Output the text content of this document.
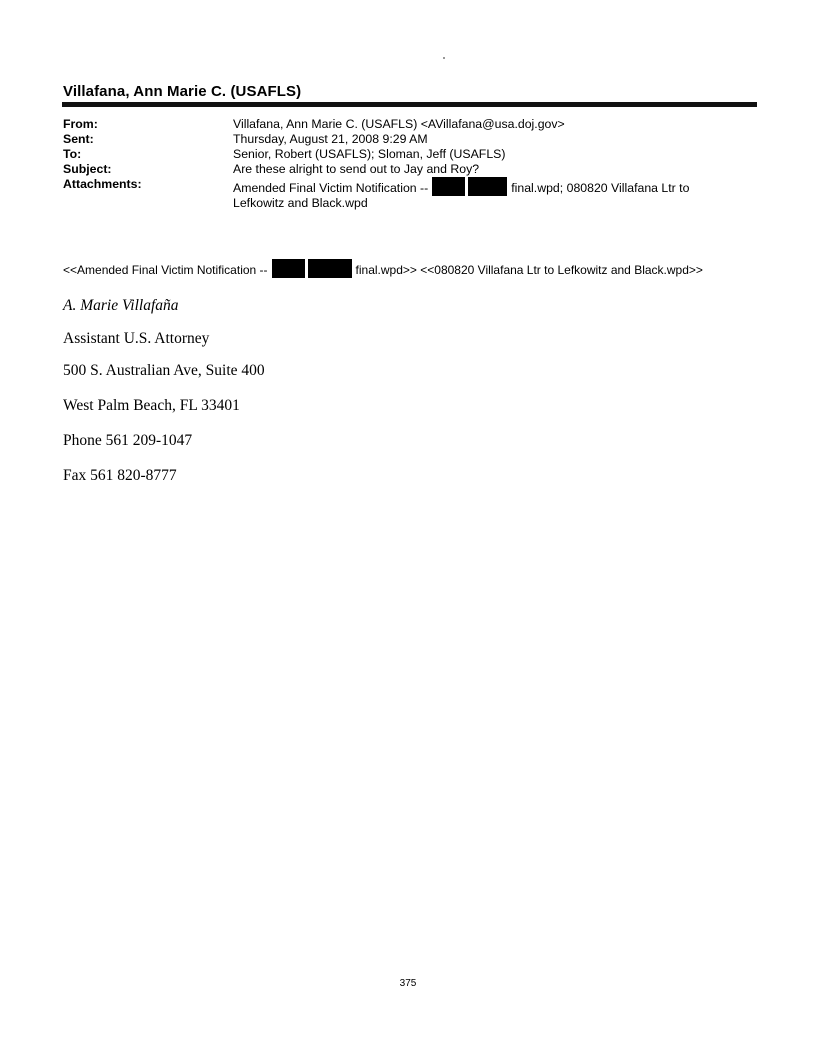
Villafana, Ann Marie C. (USAFLS)
From:	Villafana, Ann Marie C. (USAFLS) <AVillafana@usa.doj.gov>
Sent:	Thursday, August 21, 2008 9:29 AM
To:	Senior, Robert (USAFLS); Sloman, Jeff (USAFLS)
Subject:	Are these alright to send out to Jay and Roy?
Attachments:	Amended Final Victim Notification --	final.wpd; 080820 Villafana Ltr to Lefkowitz and Black.wpd
<<Amended Final Victim Notification --	final.wpd>> <<080820 Villafana Ltr to Lefkowitz and Black.wpd>>
A. Marie Villafaña
Assistant U.S. Attorney
500 S. Australian Ave, Suite 400
West Palm Beach, FL 33401
Phone 561 209-1047
Fax 561 820-8777
375
